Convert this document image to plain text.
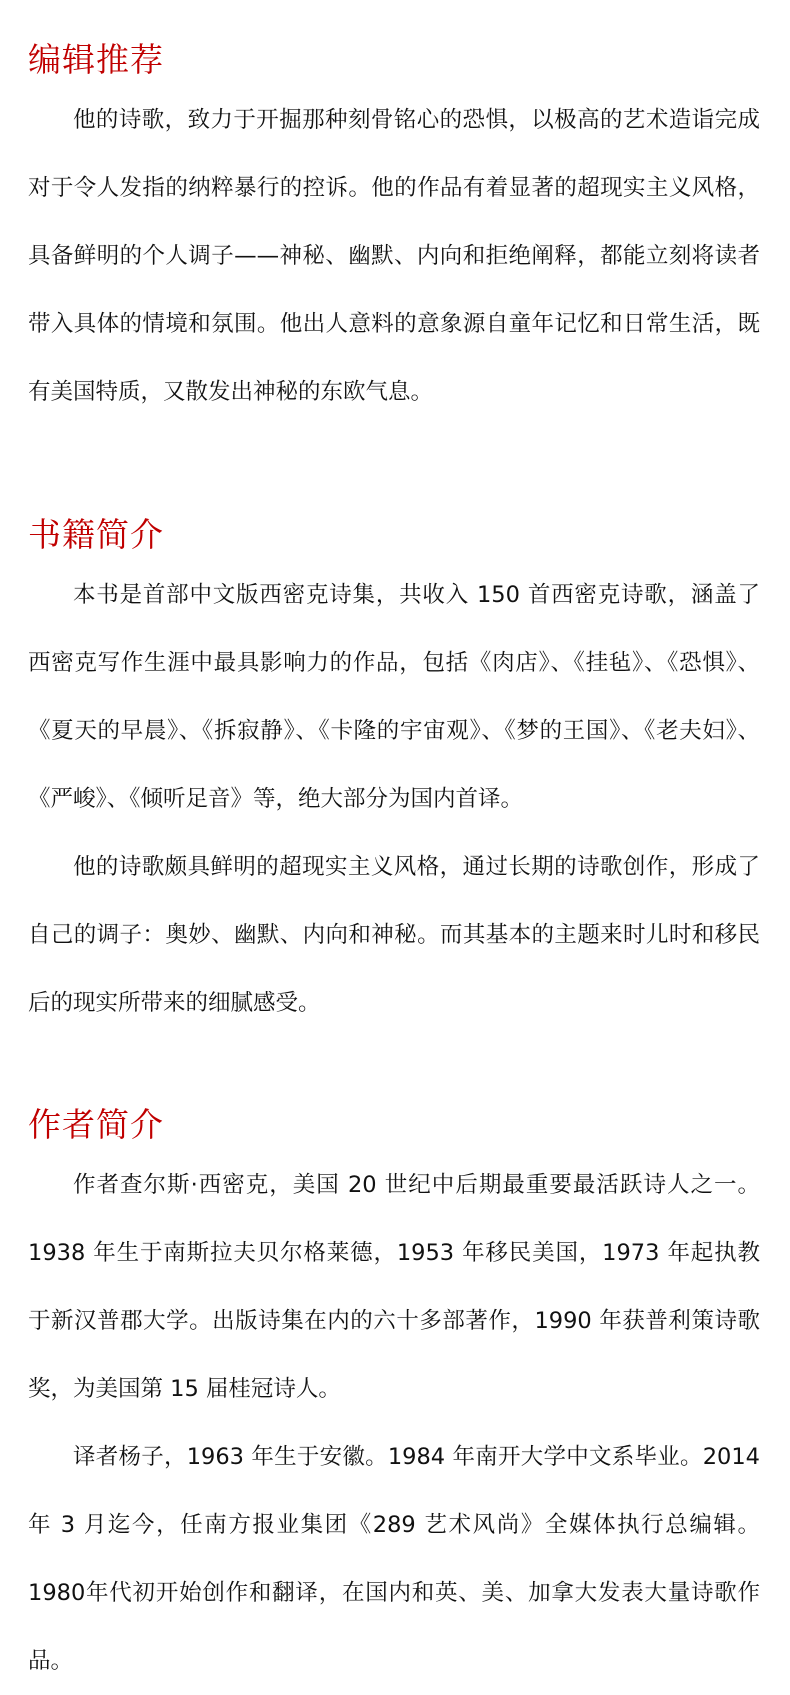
编辑推荐

他的诗歌，致力于开掘那种刻骨铭心的恐惧，以极高的艺术造诣完成对于令人发指的纳粹暴行的控诉。他的作品有着显著的超现实主义风格，具备鲜明的个人调子——神秘、幽默、内向和拒绝阐释，都能立刻将读者带入具体的情境和氛围。他出人意料的意象源自童年记忆和日常生活，既有美国特质，又散发出神秘的东欧气息。

书籍简介

本书是首部中文版西密克诗集，共收入 150 首西密克诗歌，涵盖了西密克写作生涯中最具影响力的作品，包括《肉店》、《挂毡》、《恐惧》、《夏天的早晨》、《拆寂静》、《卡隆的宇宙观》、《梦的王国》、《老夫妇》、《严峻》、《倾听足音》等，绝大部分为国内首译。

他的诗歌颇具鲜明的超现实主义风格，通过长期的诗歌创作，形成了自己的调子：奥妙、幽默、内向和神秘。而其基本的主题来时儿时和移民后的现实所带来的细腻感受。

作者简介

作者查尔斯·西密克，美国 20 世纪中后期最重要最活跃诗人之一。1938 年生于南斯拉夫贝尔格莱德，1953 年移民美国，1973 年起执教于新汉普郡大学。出版诗集在内的六十多部著作，1990 年获普利策诗歌奖，为美国第 15 届桂冠诗人。

译者杨子，1963 年生于安徽。1984 年南开大学中文系毕业。2014年 3 月迄今，任南方报业集团《289 艺术风尚》全媒体执行总编辑。1980年代初开始创作和翻译，在国内和英、美、加拿大发表大量诗歌作品。
